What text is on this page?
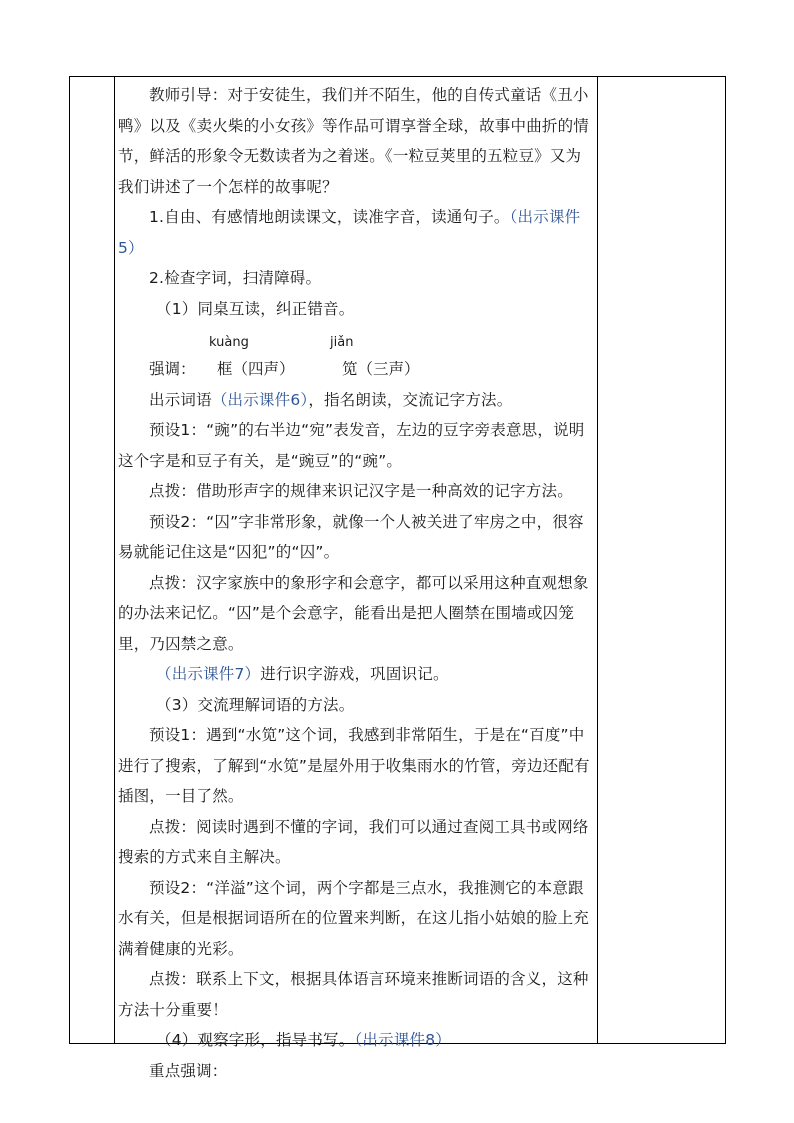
教师引导：对于安徒生，我们并不陌生，他的自传式童话《丑小鸭》以及《卖火柴的小女孩》等作品可谓享誉全球，故事中曲折的情节，鲜活的形象令无数读者为之着迷。《一粒豆荚里的五粒豆》又为我们讲述了一个怎样的故事呢？

1.自由、有感情地朗读课文，读准字音，读通句子。（出示课件5）

2.检查字词，扫清障碍。

（1）同桌互读，纠正错音。

kuàng	jiǎn
强调： 框（四声）	笕（三声）

出示词语（出示课件6），指名朗读，交流记字方法。

预设1：“豌”的右半边“宛”表发音，左边的豆字旁表意思，说明这个字是和豆子有关，是“豌豆”的“豌”。

点拨：借助形声字的规律来识记汉字是一种高效的记字方法。

预设2：“囚”字非常形象，就像一个人被关进了牢房之中，很容易就能记住这是“囚犯”的“囚”。

点拨：汉字家族中的象形字和会意字，都可以采用这种直观想象的办法来记忆。“囚”是个会意字，能看出是把人圈禁在围墙或囚笼里，乃囚禁之意。

（出示课件7）进行识字游戏，巩固识记。

（3）交流理解词语的方法。

预设1：遇到“水笕”这个词，我感到非常陌生，于是在“百度”中进行了搜索，了解到“水笕”是屋外用于收集雨水的竹管，旁边还配有插图，一目了然。

点拨：阅读时遇到不懂的字词，我们可以通过查阅工具书或网络搜索的方式来自主解决。

预设2：“洋溢”这个词，两个字都是三点水，我推测它的本意跟水有关，但是根据词语所在的位置来判断，在这儿指小姑娘的脸上充满着健康的光彩。

点拨：联系上下文，根据具体语言环境来推断词语的含义，这种方法十分重要！

（4）观察字形，指导书写。（出示课件8）

重点强调：
